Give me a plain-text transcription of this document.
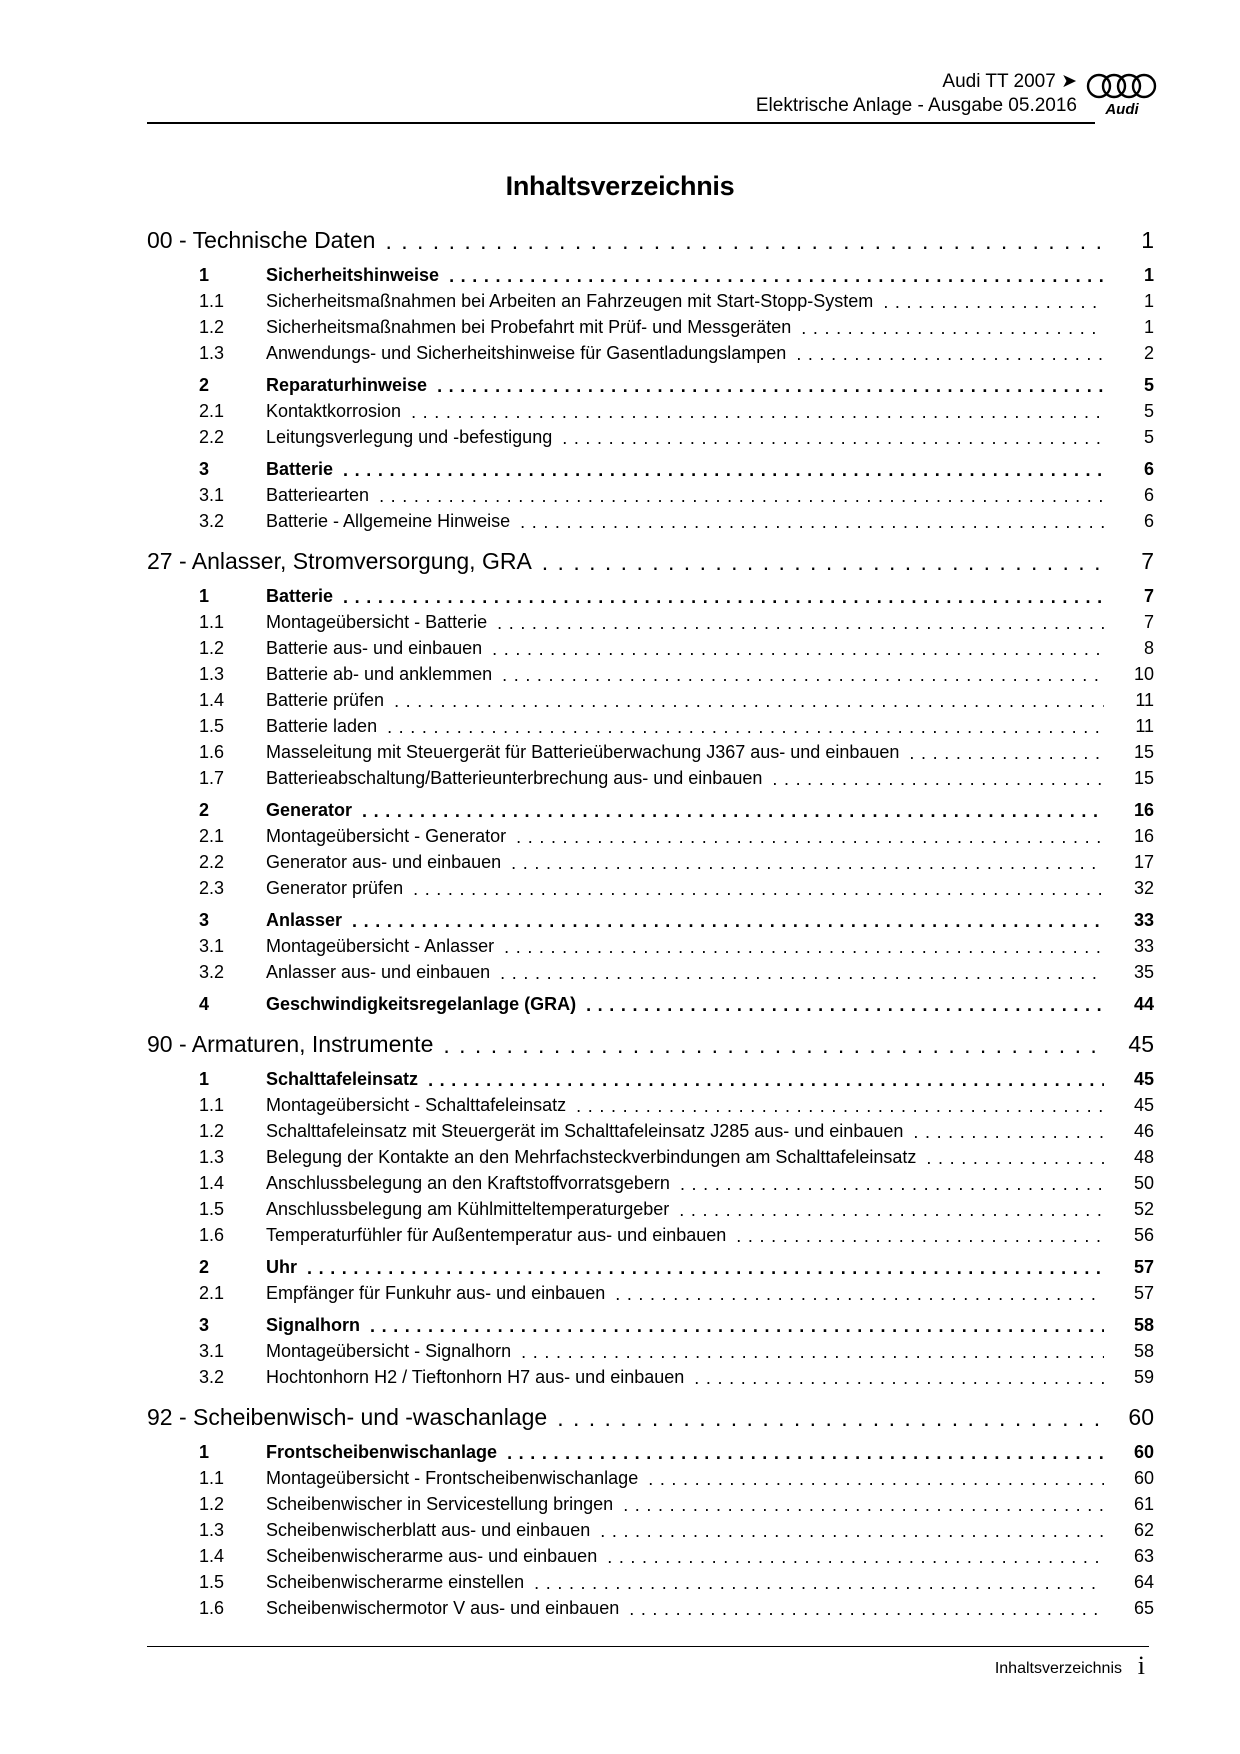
Audi TT 2007 ➤
Elektrische Anlage - Ausgabe 05.2016 Audi
Inhaltsverzeichnis
00 - Technische Daten . . .	1
1	Sicherheitshinweise . . .	1
1.1	Sicherheitsmaßnahmen bei Arbeiten an Fahrzeugen mit Start-Stopp-System . . .	1
1.2	Sicherheitsmaßnahmen bei Probefahrt mit Prüf- und Messgeräten . . .	1
1.3	Anwendungs- und Sicherheitshinweise für Gasentladungslampen . . .	2
2	Reparaturhinweise . . .	5
2.1	Kontaktkorrosion . . .	5
2.2	Leitungsverlegung und -befestigung . . .	5
3	Batterie . . .	6
3.1	Batteriearten . . .	6
3.2	Batterie - Allgemeine Hinweise . . .	6
27 - Anlasser, Stromversorgung, GRA . . .	7
1	Batterie . . .	7
1.1	Montageübersicht - Batterie . . .	7
1.2	Batterie aus- und einbauen . . .	8
1.3	Batterie ab- und anklemmen . . .	10
1.4	Batterie prüfen . . .	11
1.5	Batterie laden . . .	11
1.6	Masseleitung mit Steuergerät für Batterieüberwachung J367 aus- und einbauen . . .	15
1.7	Batterieabschaltung/Batterieunterbrechung aus- und einbauen . . .	15
2	Generator . . .	16
2.1	Montageübersicht - Generator . . .	16
2.2	Generator aus- und einbauen . . .	17
2.3	Generator prüfen . . .	32
3	Anlasser . . .	33
3.1	Montageübersicht - Anlasser . . .	33
3.2	Anlasser aus- und einbauen . . .	35
4	Geschwindigkeitsregelanlage (GRA) . . .	44
90 - Armaturen, Instrumente . . .	45
1	Schalttafeleinsatz . . .	45
1.1	Montageübersicht - Schalttafeleinsatz . . .	45
1.2	Schalttafeleinsatz mit Steuergerät im Schalttafeleinsatz J285 aus- und einbauen . . .	46
1.3	Belegung der Kontakte an den Mehrfachsteckverbindungen am Schalttafeleinsatz . . .	48
1.4	Anschlussbelegung an den Kraftstoffvorratsgebern . . .	50
1.5	Anschlussbelegung am Kühlmitteltemperaturgeber . . .	52
1.6	Temperaturfühler für Außentemperatur aus- und einbauen . . .	56
2	Uhr . . .	57
2.1	Empfänger für Funkuhr aus- und einbauen . . .	57
3	Signalhorn . . .	58
3.1	Montageübersicht - Signalhorn . . .	58
3.2	Hochtonhorn H2 / Tieftonhorn H7 aus- und einbauen . . .	59
92 - Scheibenwisch- und -waschanlage . . .	60
1	Frontscheibenwischanlage . . .	60
1.1	Montageübersicht - Frontscheibenwischanlage . . .	60
1.2	Scheibenwischer in Servicestellung bringen . . .	61
1.3	Scheibenwischerblatt aus- und einbauen . . .	62
1.4	Scheibenwischerarme aus- und einbauen . . .	63
1.5	Scheibenwischerarme einstellen . . .	64
1.6	Scheibenwischermotor V aus- und einbauen . . .	65
Inhaltsverzeichnis i
